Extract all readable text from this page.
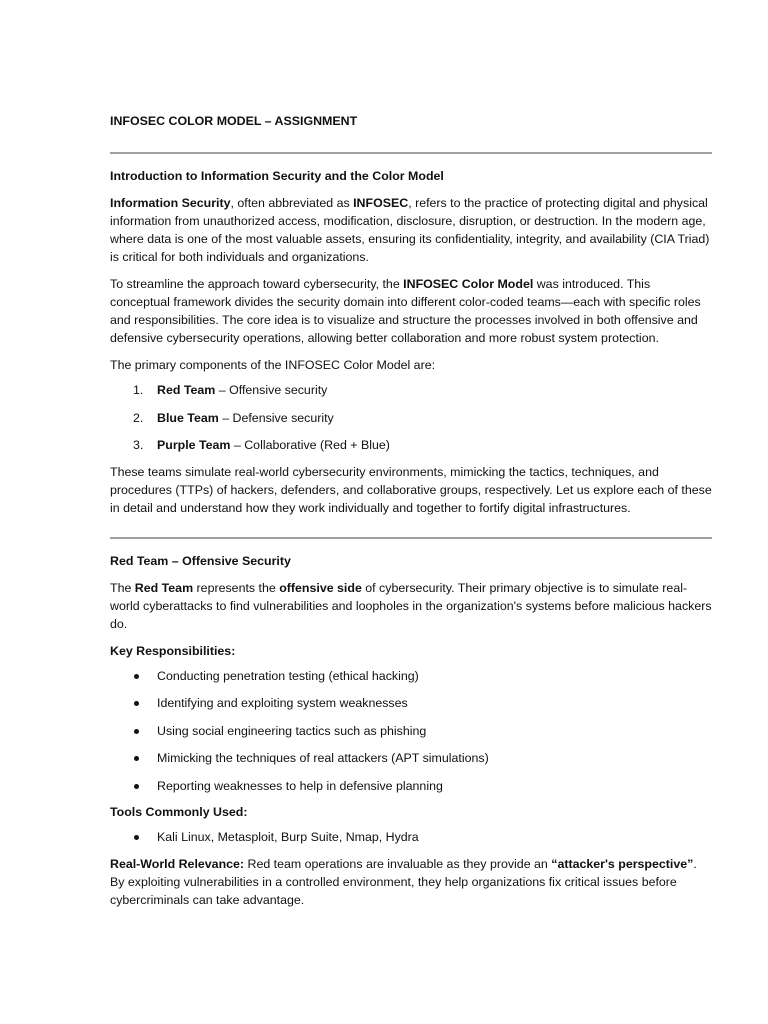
INFOSEC COLOR MODEL – ASSIGNMENT
Introduction to Information Security and the Color Model

Information Security, often abbreviated as INFOSEC, refers to the practice of protecting digital and physical information from unauthorized access, modification, disclosure, disruption, or destruction. In the modern age, where data is one of the most valuable assets, ensuring its confidentiality, integrity, and availability (CIA Triad) is critical for both individuals and organizations.

To streamline the approach toward cybersecurity, the INFOSEC Color Model was introduced. This conceptual framework divides the security domain into different color-coded teams—each with specific roles and responsibilities. The core idea is to visualize and structure the processes involved in both offensive and defensive cybersecurity operations, allowing better collaboration and more robust system protection.

The primary components of the INFOSEC Color Model are:

1. Red Team – Offensive security
2. Blue Team – Defensive security
3. Purple Team – Collaborative (Red + Blue)

These teams simulate real-world cybersecurity environments, mimicking the tactics, techniques, and procedures (TTPs) of hackers, defenders, and collaborative groups, respectively. Let us explore each of these in detail and understand how they work individually and together to fortify digital infrastructures.

Red Team – Offensive Security

The Red Team represents the offensive side of cybersecurity. Their primary objective is to simulate real-world cyberattacks to find vulnerabilities and loopholes in the organization's systems before malicious hackers do.

Key Responsibilities:
Conducting penetration testing (ethical hacking)
Identifying and exploiting system weaknesses
Using social engineering tactics such as phishing
Mimicking the techniques of real attackers (APT simulations)
Reporting weaknesses to help in defensive planning
Tools Commonly Used:
Kali Linux, Metasploit, Burp Suite, Nmap, Hydra

Real-World Relevance: Red team operations are invaluable as they provide an “attacker's perspective”. By exploiting vulnerabilities in a controlled environment, they help organizations fix critical issues before cybercriminals can take advantage.
